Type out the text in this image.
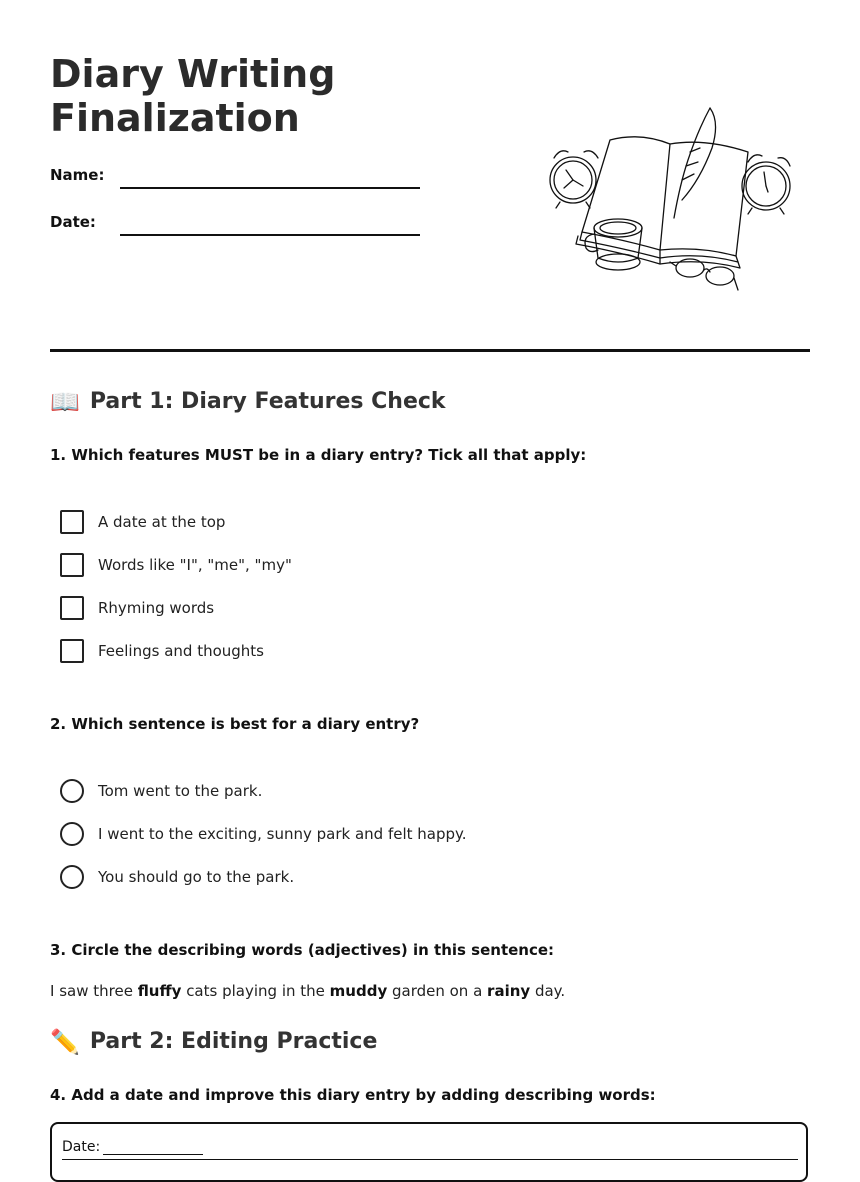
Diary Writing Finalization
Name:
Date:
📖 Part 1: Diary Features Check

1. Which features MUST be in a diary entry? Tick all that apply:

A date at the top
Words like "I", "me", "my"
Rhyming words
Feelings and thoughts

2. Which sentence is best for a diary entry?

Tom went to the park.
I went to the exciting, sunny park and felt happy.
You should go to the park.

3. Circle the describing words (adjectives) in this sentence:

I saw three fluffy cats playing in the muddy garden on a rainy day.

✏️ Part 2: Editing Practice

4. Add a date and improve this diary entry by adding describing words:

Date:
